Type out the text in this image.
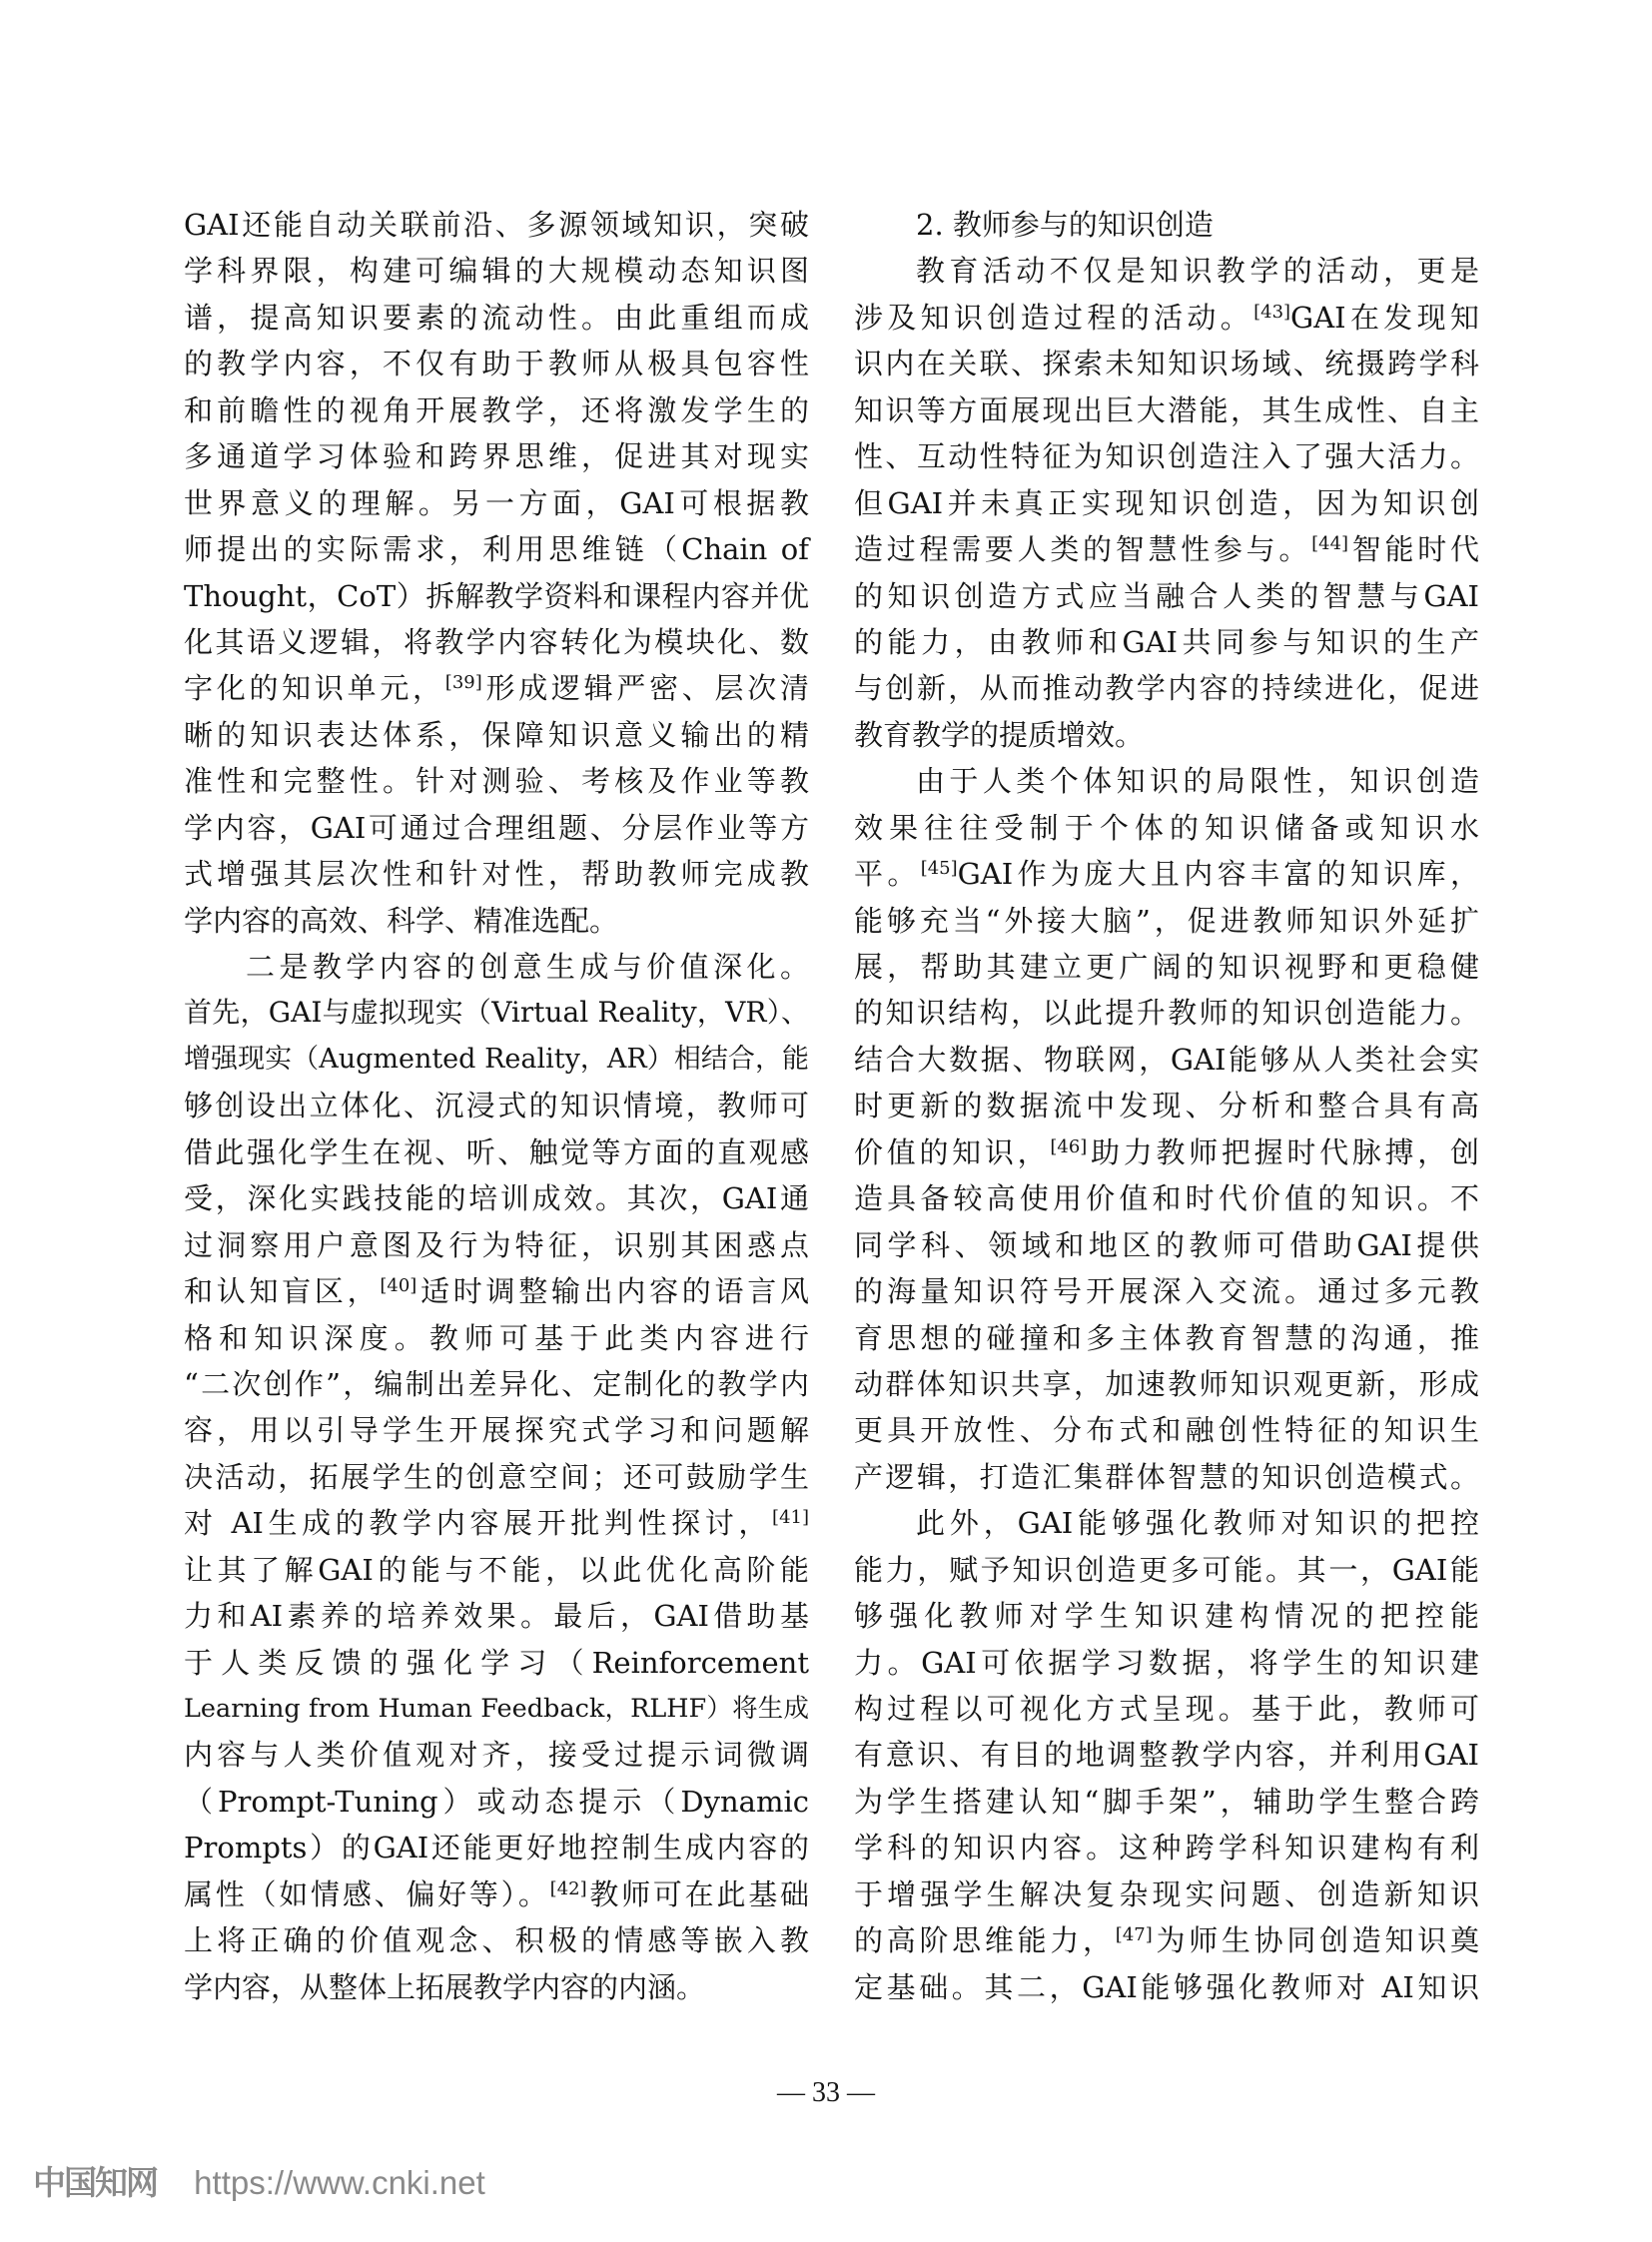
GAI还能自动关联前沿、多源领域知识，突破
学科界限，构建可编辑的大规模动态知识图
谱，提高知识要素的流动性。由此重组而成
的教学内容，不仅有助于教师从极具包容性
和前瞻性的视角开展教学，还将激发学生的
多通道学习体验和跨界思维，促进其对现实
世界意义的理解。另一方面，GAI可根据教
师提出的实际需求，利用思维链（Chain of
Thought，CoT）拆解教学资料和课程内容并优
化其语义逻辑，将教学内容转化为模块化、数
字化的知识单元，[39]形成逻辑严密、层次清
晰的知识表达体系，保障知识意义输出的精
准性和完整性。针对测验、考核及作业等教
学内容，GAI可通过合理组题、分层作业等方
式增强其层次性和针对性，帮助教师完成教
学内容的高效、科学、精准选配。
二是教学内容的创意生成与价值深化。
首先，GAI与虚拟现实（Virtual Reality，VR）、
增强现实（Augmented Reality，AR）相结合，能
够创设出立体化、沉浸式的知识情境，教师可
借此强化学生在视、听、触觉等方面的直观感
受，深化实践技能的培训成效。其次，GAI通
过洞察用户意图及行为特征，识别其困惑点
和认知盲区，[40]适时调整输出内容的语言风
格和知识深度。教师可基于此类内容进行
“二次创作”，编制出差异化、定制化的教学内
容，用以引导学生开展探究式学习和问题解
决活动，拓展学生的创意空间；还可鼓励学生
对 AI生成的教学内容展开批判性探讨，[41]
让其了解GAI的能与不能，以此优化高阶能
力和AI素养的培养效果。最后，GAI借助基
于人类反馈的强化学习（Reinforcement
Learning from Human Feedback，RLHF）将生成
内容与人类价值观对齐，接受过提示词微调
（Prompt-Tuning）或动态提示（Dynamic
Prompts）的GAI还能更好地控制生成内容的
属性（如情感、偏好等）。[42]教师可在此基础
上将正确的价值观念、积极的情感等嵌入教
学内容，从整体上拓展教学内容的内涵。
2. 教师参与的知识创造
教育活动不仅是知识教学的活动，更是
涉及知识创造过程的活动。[43]GAI在发现知
识内在关联、探索未知知识场域、统摄跨学科
知识等方面展现出巨大潜能，其生成性、自主
性、互动性特征为知识创造注入了强大活力。
但GAI并未真正实现知识创造，因为知识创
造过程需要人类的智慧性参与。[44]智能时代
的知识创造方式应当融合人类的智慧与GAI
的能力，由教师和GAI共同参与知识的生产
与创新，从而推动教学内容的持续进化，促进
教育教学的提质增效。
由于人类个体知识的局限性，知识创造
效果往往受制于个体的知识储备或知识水
平。[45]GAI作为庞大且内容丰富的知识库，
能够充当“外接大脑”，促进教师知识外延扩
展，帮助其建立更广阔的知识视野和更稳健
的知识结构，以此提升教师的知识创造能力。
结合大数据、物联网，GAI能够从人类社会实
时更新的数据流中发现、分析和整合具有高
价值的知识，[46]助力教师把握时代脉搏，创
造具备较高使用价值和时代价值的知识。不
同学科、领域和地区的教师可借助GAI提供
的海量知识符号开展深入交流。通过多元教
育思想的碰撞和多主体教育智慧的沟通，推
动群体知识共享，加速教师知识观更新，形成
更具开放性、分布式和融创性特征的知识生
产逻辑，打造汇集群体智慧的知识创造模式。
此外，GAI能够强化教师对知识的把控
能力，赋予知识创造更多可能。其一，GAI能
够强化教师对学生知识建构情况的把控能
力。GAI可依据学习数据，将学生的知识建
构过程以可视化方式呈现。基于此，教师可
有意识、有目的地调整教学内容，并利用GAI
为学生搭建认知“脚手架”，辅助学生整合跨
学科的知识内容。这种跨学科知识建构有利
于增强学生解决复杂现实问题、创造新知识
的高阶思维能力，[47]为师生协同创造知识奠
定基础。其二，GAI能够强化教师对 AI知识
— 33 —
中国知网 https://www.cnki.net
